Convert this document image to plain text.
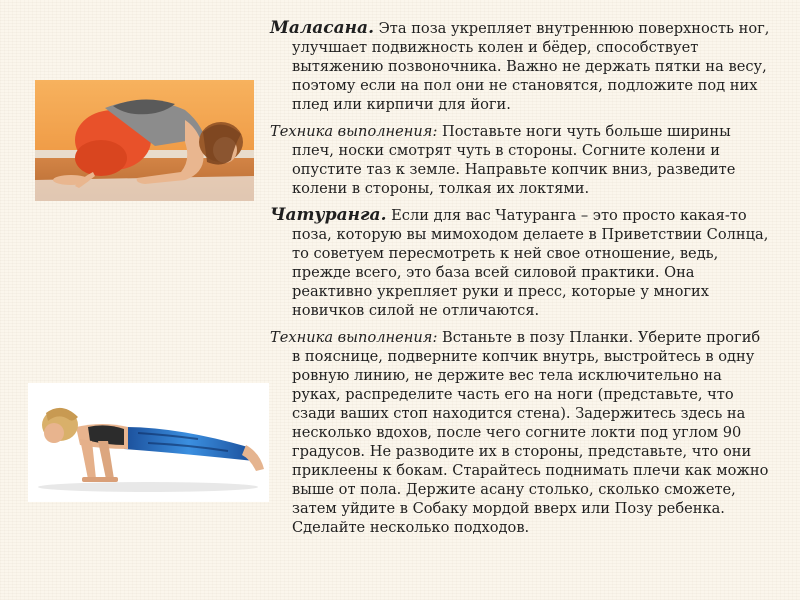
Маласана. Эта поза укрепляет внутреннюю поверхность ног, улучшает подвижность колен и бёдер, способствует вытяжению позвоночника. Важно не держать пятки на весу, поэтому если на пол они не становятся, подложите под них плед или кирпичи для йоги.

Техника выполнения: Поставьте ноги чуть больше ширины плеч, носки смотрят чуть в стороны. Согните колени и опустите таз к земле. Направьте копчик вниз, разведите колени в стороны, толкая их локтями.

Чатуранга. Если для вас Чатуранга – это просто какая-то поза, которую вы мимоходом делаете в Приветствии Солнца, то советуем пересмотреть к ней свое отношение, ведь, прежде всего, это база всей силовой практики. Она реактивно укрепляет руки и пресс, которые у многих новичков силой не отличаются.

Техника выполнения: Встаньте в позу Планки. Уберите прогиб в пояснице, подверните копчик внутрь, выстройтесь в одну ровную линию, не держите вес тела исключительно на руках, распределите часть его на ноги (представьте, что сзади ваших стоп находится стена). Задержитесь здесь на несколько вдохов, после чего согните локти под углом 90 градусов. Не разводите их в стороны, представьте, что они приклеены к бокам. Старайтесь поднимать плечи как можно выше от пола. Держите асану столько, сколько сможете, затем уйдите в Собаку мордой вверх или Позу ребенка. Сделайте несколько подходов.
